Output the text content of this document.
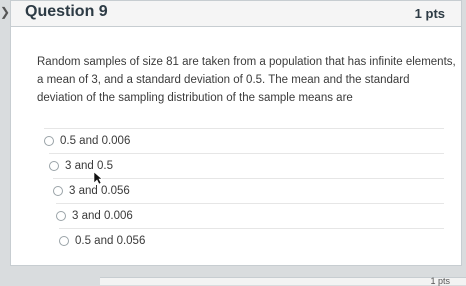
❯ Question 9	1 pts
Random samples of size 81 are taken from a population that has infinite elements, a mean of 3, and a standard deviation of 0.5. The mean and the standard deviation of the sampling distribution of the sample means are
0.5 and 0.006
3 and 0.5
3 and 0.056
3 and 0.006
0.5 and 0.056
1 pts
